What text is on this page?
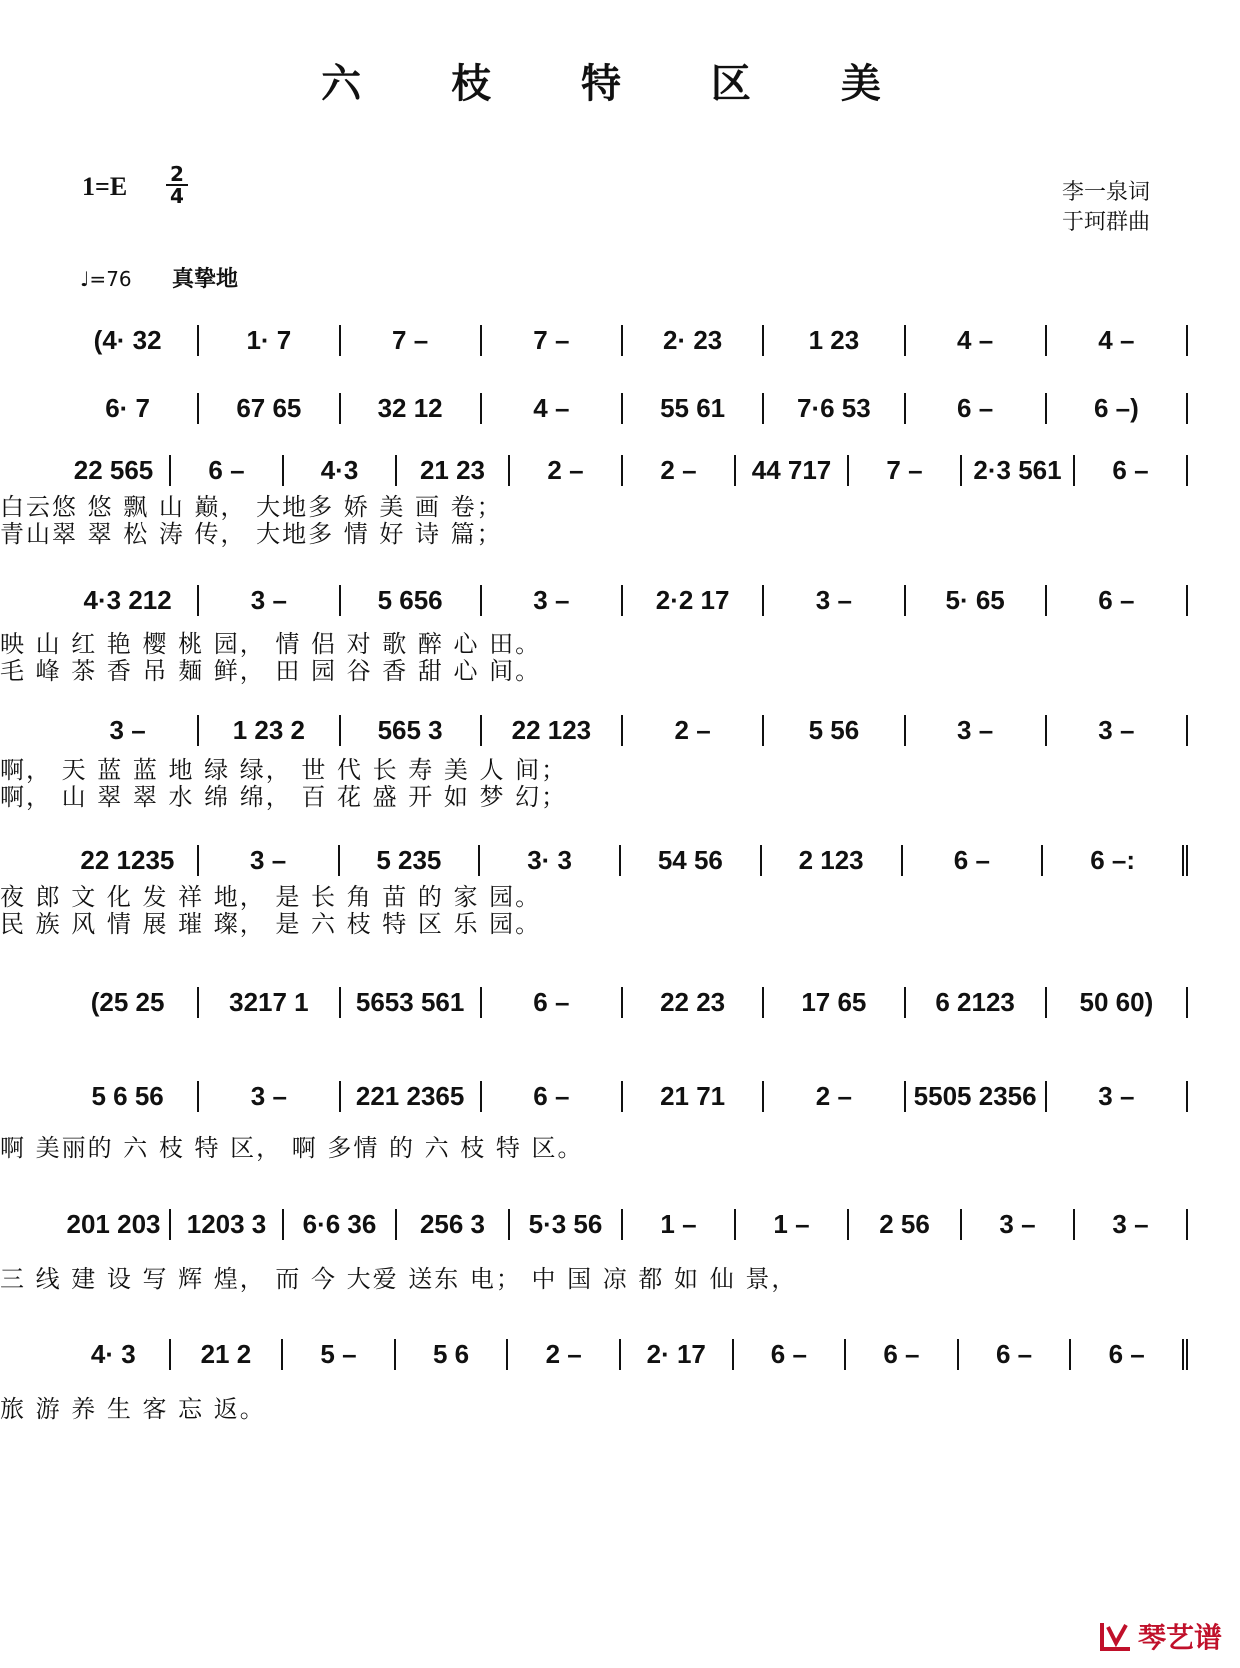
六 枝 特 区 美
1=E 2
4	李一泉词
于珂群曲
♩=76 真挚地
(4· 32	1· 7	7 –	7 –	2· 23	1 23	4 –	4 –
6· 7	67 65	32 12	4 –	55 61	7·6 53	6 –	6 –)
22 565	6 –	4·3	21 23	2 –	2 –	44 717	7 –	2·3 561	6 –
4·3 212	3 –	5 656	3 –	2·2 17	3 –	5· 65	6 –
3 –	1 23 2	565 3	22 123	2 –	5 56	3 –	3 –
22 1235	3 –	5 235	3· 3	54 56	2 123	6 –	6 –:
(25 25	3217 1	5653 561	6 –	22 23	17 65	6 2123	50 60)
5 6 56	3 –	221 2365	6 –	21 71	2 –	5505 2356	3 –
201 203	1203 3	6·6 36	256 3	5·3 56	1 –	1 –	2 56	3 –	3 –
4· 3	21 2	5 –	5 6	2 –	2· 17	6 –	6 –	6 –	6 –
白云悠 悠 飘 山 巅， 大地多 娇 美 画 卷；
青山翠 翠 松 涛 传， 大地多 情 好 诗 篇；
映 山 红 艳 樱 桃 园， 情 侣 对 歌 醉 心 田。
毛 峰 茶 香 吊 麺 鲜， 田 园 谷 香 甜 心 间。
啊， 天 蓝 蓝 地 绿 绿， 世 代 长 寿 美 人 间；
啊， 山 翠 翠 水 绵 绵， 百 花 盛 开 如 梦 幻；
夜 郎 文 化 发 祥 地， 是 长 角 苗 的 家 园。
民 族 风 情 展 璀 璨， 是 六 枝 特 区 乐 园。
啊 美丽的 六 枝 特 区， 啊 多情 的 六 枝 特 区。
三 线 建 设 写 辉 煌， 而 今 大爱 送东 电； 中 国 凉 都 如 仙 景，
旅 游 养 生 客 忘 返。
琴艺谱
